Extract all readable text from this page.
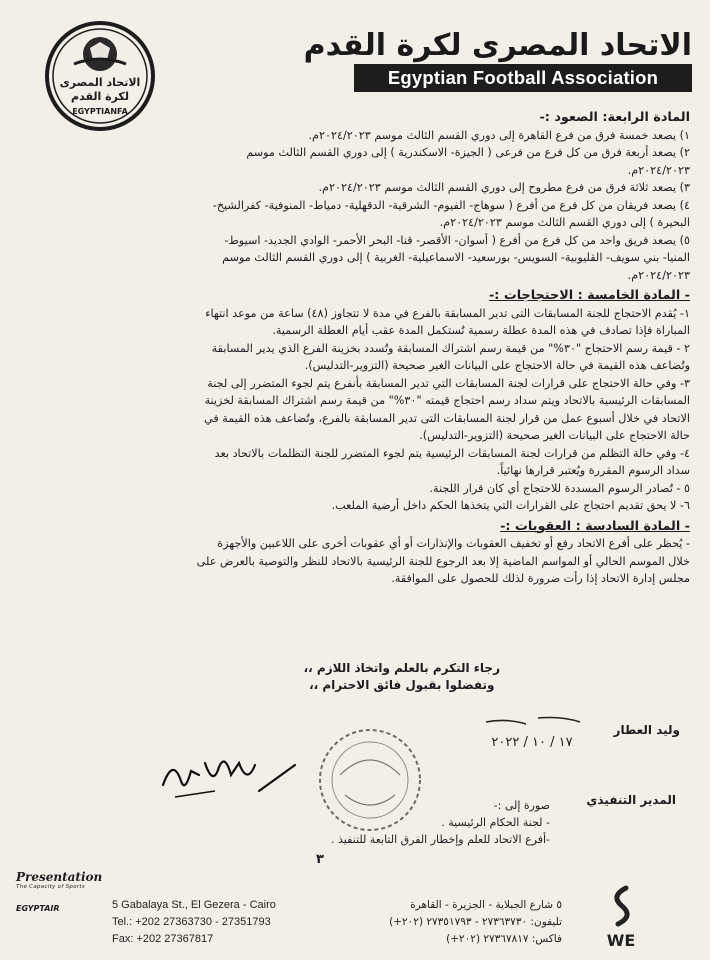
الاتحاد المصرى
لكرة القدم
EGYPTIANFA
الاتحاد المصرى لكرة القدم
Egyptian Football Association
المادة الرابعة: الصعود :-
١) يصعد خمسة فرق من فرع القاهرة إلى دوري القسم الثالث موسم ٢٠٢٤/٢٠٢٣م.
٢) يصعد أربعة فرق من كل فرع من فرعى ( الجيزة- الاسكندرية ) إلى دوري القسم الثالث موسم
٢٠٢٤/٢٠٢٣م.
٣) يصعد ثلاثة فرق من فرع مطروح إلى دوري القسم الثالث موسم ٢٠٢٤/٢٠٢٣م.
٤) يصعد فريقان من كل فرع من أفرع ( سوهاج- الفيوم- الشرقية- الدقهلية- دمياط- المنوفية- كفرالشيخ-
البحيرة ) إلى دوري القسم الثالث موسم ٢٠٢٤/٢٠٢٣م.
٥) يصعد فريق واحد من كل فرع من أفرع ( أسوان- الأقصر- قنا- البحر الأحمر- الوادي الجديد- اسيوط-
المنيا- بني سويف- القليوبية- السويس- بورسعيد- الاسماعيلية- الغربية ) إلى دوري القسم الثالث موسم
٢٠٢٤/٢٠٢٣م.
- المادة الخامسة : الاحتجاجات :-
١- يُقدم الاحتجاج للجنة المسابقات التى تدير المسابقة بالفرع في مدة لا تتجاوز (٤٨) ساعة من موعد انتهاء
المباراة فإذا تصادف في هذه المدة عطلة رسمية تُستكمل المدة عقب أيام العطلة الرسمية.
٢ - قيمة رسم الاحتجاج "٣٠%" من قيمة رسم اشتراك المسابقة وتُسدد بخزينة الفرع الذي يدير المسابقة
وتُضاعف هذه القيمة في حالة الاحتجاج على البيانات الغير صحيحة (التزوير-التدليس).
٣- وفي حالة الاحتجاج على قرارات لجنة المسابقات التي تدير المسابقة بأنفرع يتم لجوء المتضرر إلى لجنة
المسابقات الرئيسية بالاتحاد ويتم سداد رسم احتجاج قيمته "٣٠%" من قيمة رسم اشتراك المسابقة لخزينة
الاتحاد في خلال أسبوع عمل من قرار لجنة المسابقات التى تدير المسابقة بالفرع، وتُضاعف هذه القيمة في
حالة الاحتجاج على البيانات الغير صحيحة (التزوير-التدليس).
٤- وفي حالة التظلم من قرارات لجنة المسابقات الرئيسية يتم لجوء المتضرر للجنة التظلمات بالاتحاد بعد
سداد الرسوم المقررة ويُعتبر قرارها نهائياً.
٥ - تُصادر الرسوم المسددة للاحتجاج أي كان قرار اللجنة.
٦- لا يحق تقديم احتجاج على القرارات التي يتخذها الحكم داخل أرضية الملعب.
- المادة السادسة : العقوبات :-
- يُحظر على أفرع الاتحاد رفع أو تخفيف العقوبات والإنذارات أو أي عقوبات أخرى على اللاعبين والأجهزة
خلال الموسم الحالي أو المواسم الماضية إلا بعد الرجوع للجنة الرئيسية بالاتحاد للنظر والتوصية بالعرض على
مجلس إدارة الاتحاد إذا رأت ضرورة لذلك للحصول على الموافقة.
رجاء التكرم بالعلم واتخاذ اللازم ،،
وتفضلوا بقبول فائق الاحترام ،،
وليد العطار
المدير التنفيذي
١٧ / ١٠ / ٢٠٢٢
صورة إلى :-
- لجنة الحكام الرئيسية .
-أفرع الاتحاد للعلم وإخطار الفرق التابعة للتنفيذ .
٣
Presentation
The Capacity of Sports
EGYPTAIR	5 Gabalaya St., El Gezera - Cairo
Tel.: +202 27363730 - 27351793
Fax: +202 27367817
٥ شارع الجبلاية - الجزيرة - القاهرة
تليفون: ٢٧٣٦٣٧٣٠ - ٢٧٣٥١٧٩٣ (٢٠٢+)
فاكس: ٢٧٣٦٧٨١٧ (٢٠٢+)	WE
